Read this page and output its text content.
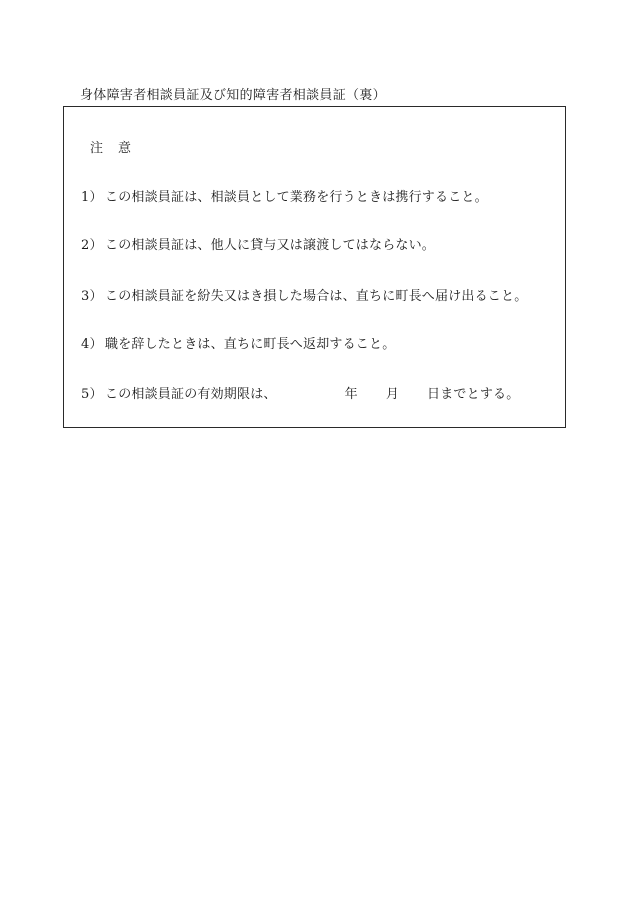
身体障害者相談員証及び知的障害者相談員証（裏）
注 意
1） この相談員証は、相談員として業務を行うときは携行すること。
2） この相談員証は、他人に貸与又は譲渡してはならない。
3） この相談員証を紛失又はき損した場合は、直ちに町長へ届け出ること。
4） 職を辞したときは、直ちに町長へ返却すること。
5） この相談員証の有効期限は、	年 月 日までとする。
